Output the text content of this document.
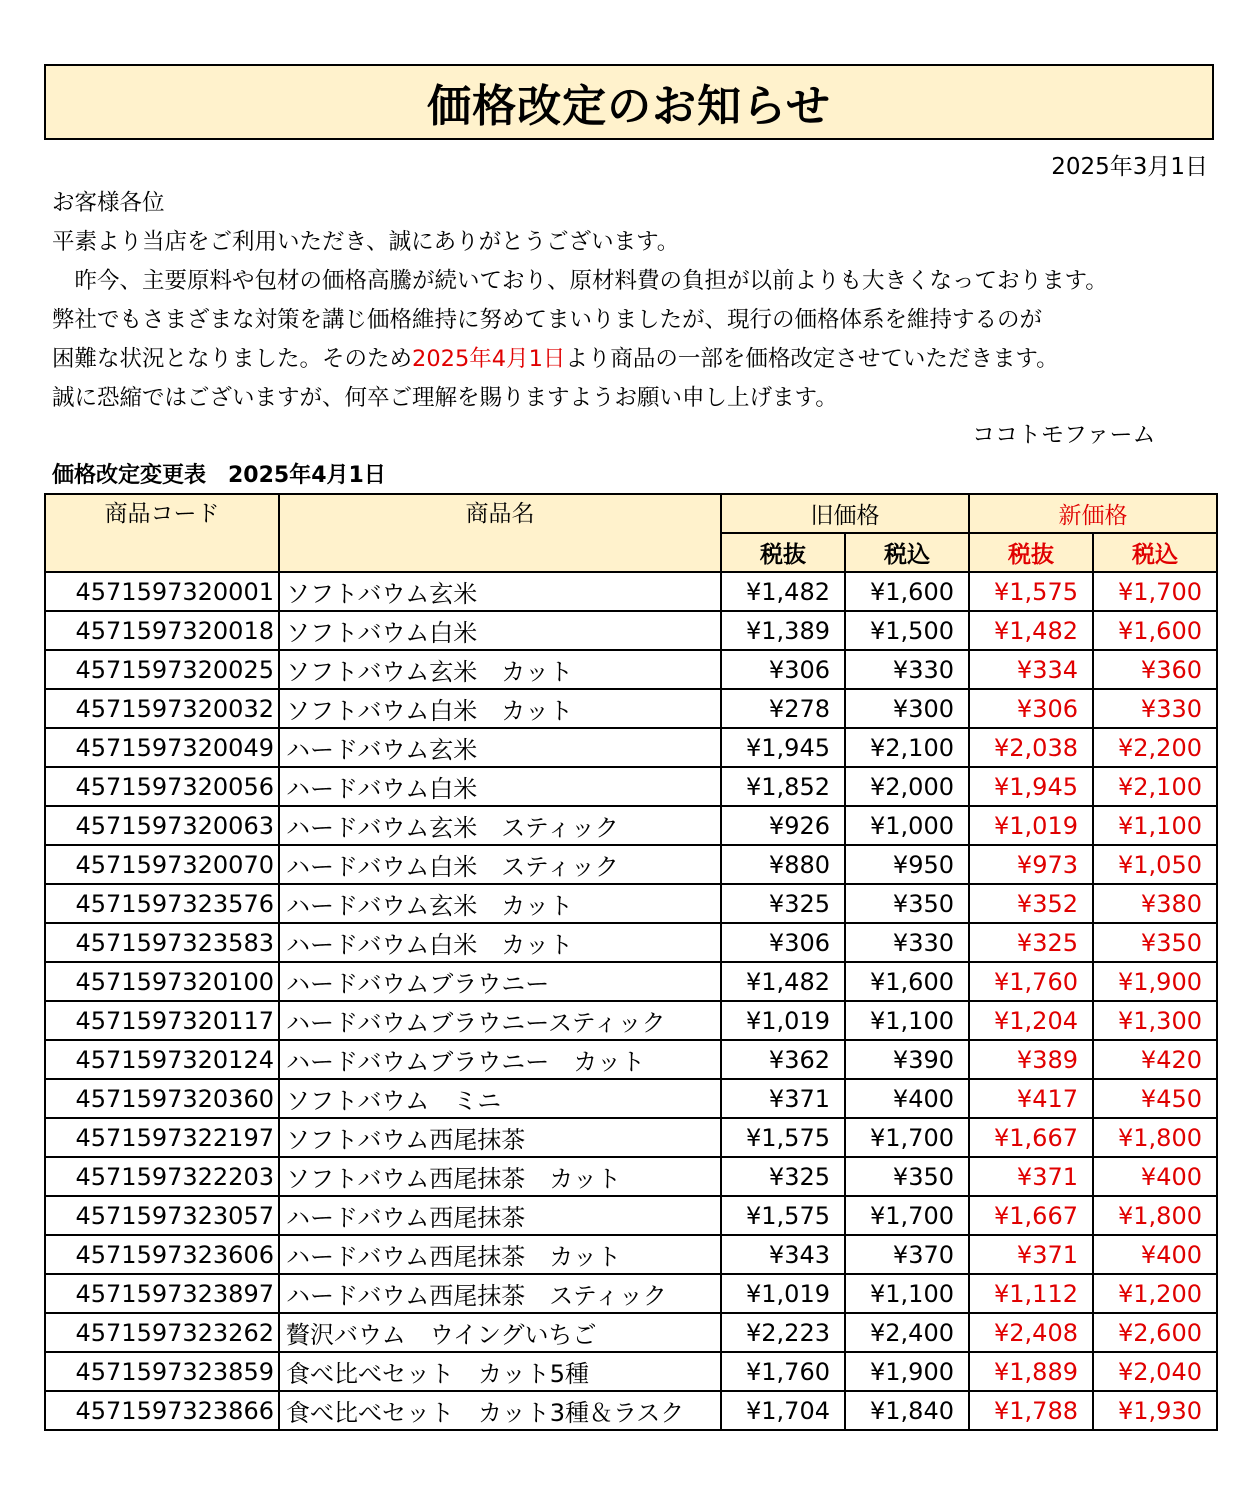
価格改定のお知らせ
2025年3月1日

お客様各位

平素より当店をご利用いただき、誠にありがとうございます。

　昨今、主要原料や包材の価格高騰が続いており、原材料費の負担が以前よりも大きくなっております。

弊社でもさまざまな対策を講じ価格維持に努めてまいりましたが、現行の価格体系を維持するのが

困難な状況となりました。そのため2025年4月1日より商品の一部を価格改定させていただきます。

誠に恐縮ではございますが、何卒ご理解を賜りますようお願い申し上げます。

ココトモファーム
価格改定変更表　2025年4月1日
商品コード	商品名	旧価格		新価格	
		税抜	税込	税抜	税込
4571597320001	ソフトバウム玄米	¥1,482	¥1,600	¥1,575	¥1,700
4571597320018	ソフトバウム白米	¥1,389	¥1,500	¥1,482	¥1,600
4571597320025	ソフトバウム玄米　カット	¥306	¥330	¥334	¥360
4571597320032	ソフトバウム白米　カット	¥278	¥300	¥306	¥330
4571597320049	ハードバウム玄米	¥1,945	¥2,100	¥2,038	¥2,200
4571597320056	ハードバウム白米	¥1,852	¥2,000	¥1,945	¥2,100
4571597320063	ハードバウム玄米　スティック	¥926	¥1,000	¥1,019	¥1,100
4571597320070	ハードバウム白米　スティック	¥880	¥950	¥973	¥1,050
4571597323576	ハードバウム玄米　カット	¥325	¥350	¥352	¥380
4571597323583	ハードバウム白米　カット	¥306	¥330	¥325	¥350
4571597320100	ハードバウムブラウニー	¥1,482	¥1,600	¥1,760	¥1,900
4571597320117	ハードバウムブラウニースティック	¥1,019	¥1,100	¥1,204	¥1,300
4571597320124	ハードバウムブラウニー　カット	¥362	¥390	¥389	¥420
4571597320360	ソフトバウム　ミニ	¥371	¥400	¥417	¥450
4571597322197	ソフトバウム西尾抹茶	¥1,575	¥1,700	¥1,667	¥1,800
4571597322203	ソフトバウム西尾抹茶　カット	¥325	¥350	¥371	¥400
4571597323057	ハードバウム西尾抹茶	¥1,575	¥1,700	¥1,667	¥1,800
4571597323606	ハードバウム西尾抹茶　カット	¥343	¥370	¥371	¥400
4571597323897	ハードバウム西尾抹茶　スティック	¥1,019	¥1,100	¥1,112	¥1,200
4571597323262	贅沢バウム　ウイングいちご	¥2,223	¥2,400	¥2,408	¥2,600
4571597323859	食べ比べセット　カット5種	¥1,760	¥1,900	¥1,889	¥2,040
4571597323866	食べ比べセット　カット3種＆ラスク	¥1,704	¥1,840	¥1,788	¥1,930
